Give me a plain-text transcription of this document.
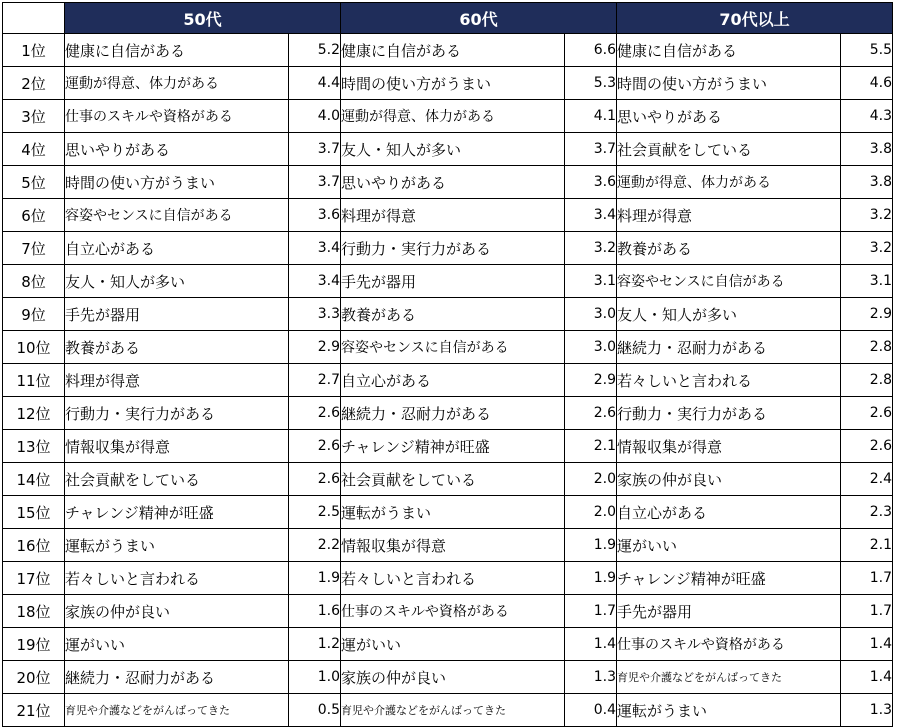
	50代		60代		70代以上	
1位	健康に自信がある	5.2	健康に自信がある	6.6	健康に自信がある	5.5
2位	運動が得意、体力がある	4.4	時間の使い方がうまい	5.3	時間の使い方がうまい	4.6
3位	仕事のスキルや資格がある	4.0	運動が得意、体力がある	4.1	思いやりがある	4.3
4位	思いやりがある	3.7	友人・知人が多い	3.7	社会貢献をしている	3.8
5位	時間の使い方がうまい	3.7	思いやりがある	3.6	運動が得意、体力がある	3.8
6位	容姿やセンスに自信がある	3.6	料理が得意	3.4	料理が得意	3.2
7位	自立心がある	3.4	行動力・実行力がある	3.2	教養がある	3.2
8位	友人・知人が多い	3.4	手先が器用	3.1	容姿やセンスに自信がある	3.1
9位	手先が器用	3.3	教養がある	3.0	友人・知人が多い	2.9
10位	教養がある	2.9	容姿やセンスに自信がある	3.0	継続力・忍耐力がある	2.8
11位	料理が得意	2.7	自立心がある	2.9	若々しいと言われる	2.8
12位	行動力・実行力がある	2.6	継続力・忍耐力がある	2.6	行動力・実行力がある	2.6
13位	情報収集が得意	2.6	チャレンジ精神が旺盛	2.1	情報収集が得意	2.6
14位	社会貢献をしている	2.6	社会貢献をしている	2.0	家族の仲が良い	2.4
15位	チャレンジ精神が旺盛	2.5	運転がうまい	2.0	自立心がある	2.3
16位	運転がうまい	2.2	情報収集が得意	1.9	運がいい	2.1
17位	若々しいと言われる	1.9	若々しいと言われる	1.9	チャレンジ精神が旺盛	1.7
18位	家族の仲が良い	1.6	仕事のスキルや資格がある	1.7	手先が器用	1.7
19位	運がいい	1.2	運がいい	1.4	仕事のスキルや資格がある	1.4
20位	継続力・忍耐力がある	1.0	家族の仲が良い	1.3	育児や介護などをがんばってきた	1.4
21位	育児や介護などをがんばってきた	0.5	育児や介護などをがんばってきた	0.4	運転がうまい	1.3
